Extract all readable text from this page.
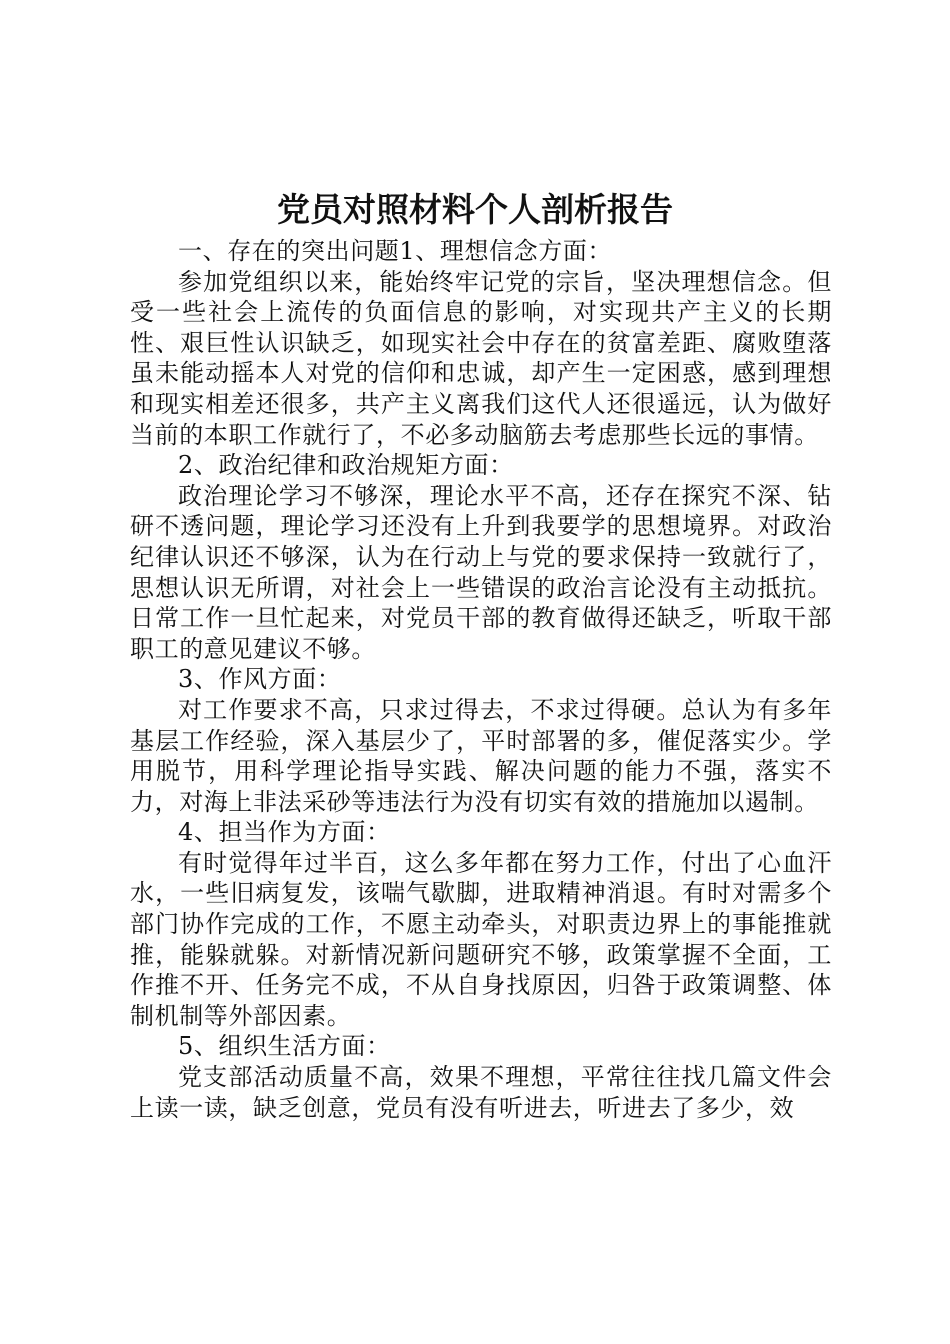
党员对照材料个人剖析报告

一、存在的突出问题1、理想信念方面：

参加党组织以来，能始终牢记党的宗旨，坚决理想信念。但受一些社会上流传的负面信息的影响，对实现共产主义的长期性、艰巨性认识缺乏，如现实社会中存在的贫富差距、腐败堕落虽未能动摇本人对党的信仰和忠诚，却产生一定困惑，感到理想和现实相差还很多，共产主义离我们这代人还很遥远，认为做好当前的本职工作就行了，不必多动脑筋去考虑那些长远的事情。

2、政治纪律和政治规矩方面：

政治理论学习不够深，理论水平不高，还存在探究不深、钻研不透问题，理论学习还没有上升到我要学的思想境界。对政治纪律认识还不够深，认为在行动上与党的要求保持一致就行了，思想认识无所谓，对社会上一些错误的政治言论没有主动抵抗。日常工作一旦忙起来，对党员干部的教育做得还缺乏，听取干部职工的意见建议不够。

3、作风方面：

对工作要求不高，只求过得去，不求过得硬。总认为有多年基层工作经验，深入基层少了，平时部署的多，催促落实少。学用脱节，用科学理论指导实践、解决问题的能力不强，落实不力，对海上非法采砂等违法行为没有切实有效的措施加以遏制。

4、担当作为方面：

有时觉得年过半百，这么多年都在努力工作，付出了心血汗水，一些旧病复发，该喘气歇脚，进取精神消退。有时对需多个部门协作完成的工作，不愿主动牵头，对职责边界上的事能推就推，能躲就躲。对新情况新问题研究不够，政策掌握不全面，工作推不开、任务完不成，不从自身找原因，归咎于政策调整、体制机制等外部因素。

5、组织生活方面：

党支部活动质量不高，效果不理想，平常往往找几篇文件会上读一读，缺乏创意，党员有没有听进去，听进去了多少，效
